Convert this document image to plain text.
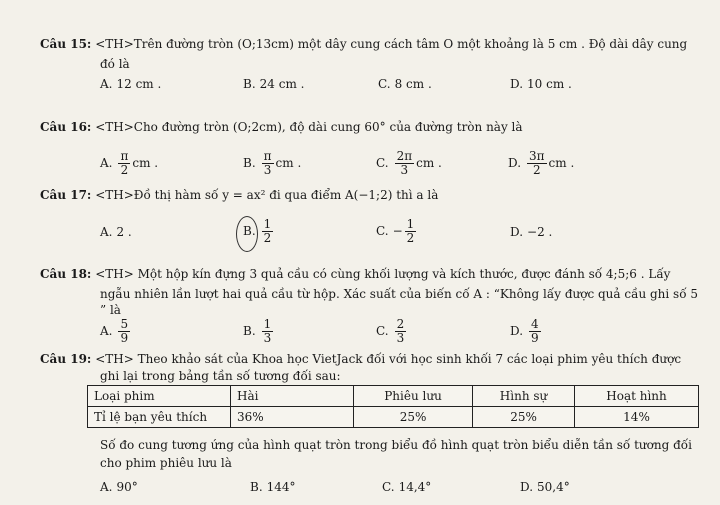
Câu 15: <TH>Trên đường tròn (O;13cm) một dây cung cách tâm O một khoảng là 5 cm . Độ dài dây cung
đó là
A. 12 cm .	B. 24 cm .	C. 8 cm .	D. 10 cm .
Câu 16: <TH>Cho đường tròn (O;2cm), độ dài cung 60° của đường tròn này là
A. $\frac{\pi}{2}$ cm .	B. $\frac{\pi}{3}$ cm .	C. $\frac{2\pi}{3}$ cm .	D. $\frac{3\pi}{2}$ cm .
Câu 17: <TH>Đồ thị hàm số y = ax² đi qua điểm A(−1;2) thì a là
A. 2 .	B. $\frac{1}{2}$	C. − $\frac{1}{2}$	D. −2 .
Câu 18: <TH> Một hộp kín đựng 3 quả cầu có cùng khối lượng và kích thước, được đánh số 4;5;6 . Lấy
ngẫu nhiên lần lượt hai quả cầu từ hộp. Xác suất của biến cố A : “Không lấy được quả cầu ghi số 5
” là
A. $\frac{5}{9}$	B. $\frac{1}{3}$	C. $\frac{2}{3}$	D. $\frac{4}{9}$
Câu 19: <TH> Theo khảo sát của Khoa học VietJack đối với học sinh khối 7 các loại phim yêu thích được
ghi lại trong bảng tần số tương đối sau:
Loại phim	Hài	Phiêu lưu	Hình sự	Hoạt hình
Tỉ lệ bạn yêu thích	36%	25%	25%	14%
Số đo cung tương ứng của hình quạt tròn trong biểu đồ hình quạt tròn biểu diễn tần số tương đối
cho phim phiêu lưu là
A. 90°	B. 144°	C. 14,4°	D. 50,4°
